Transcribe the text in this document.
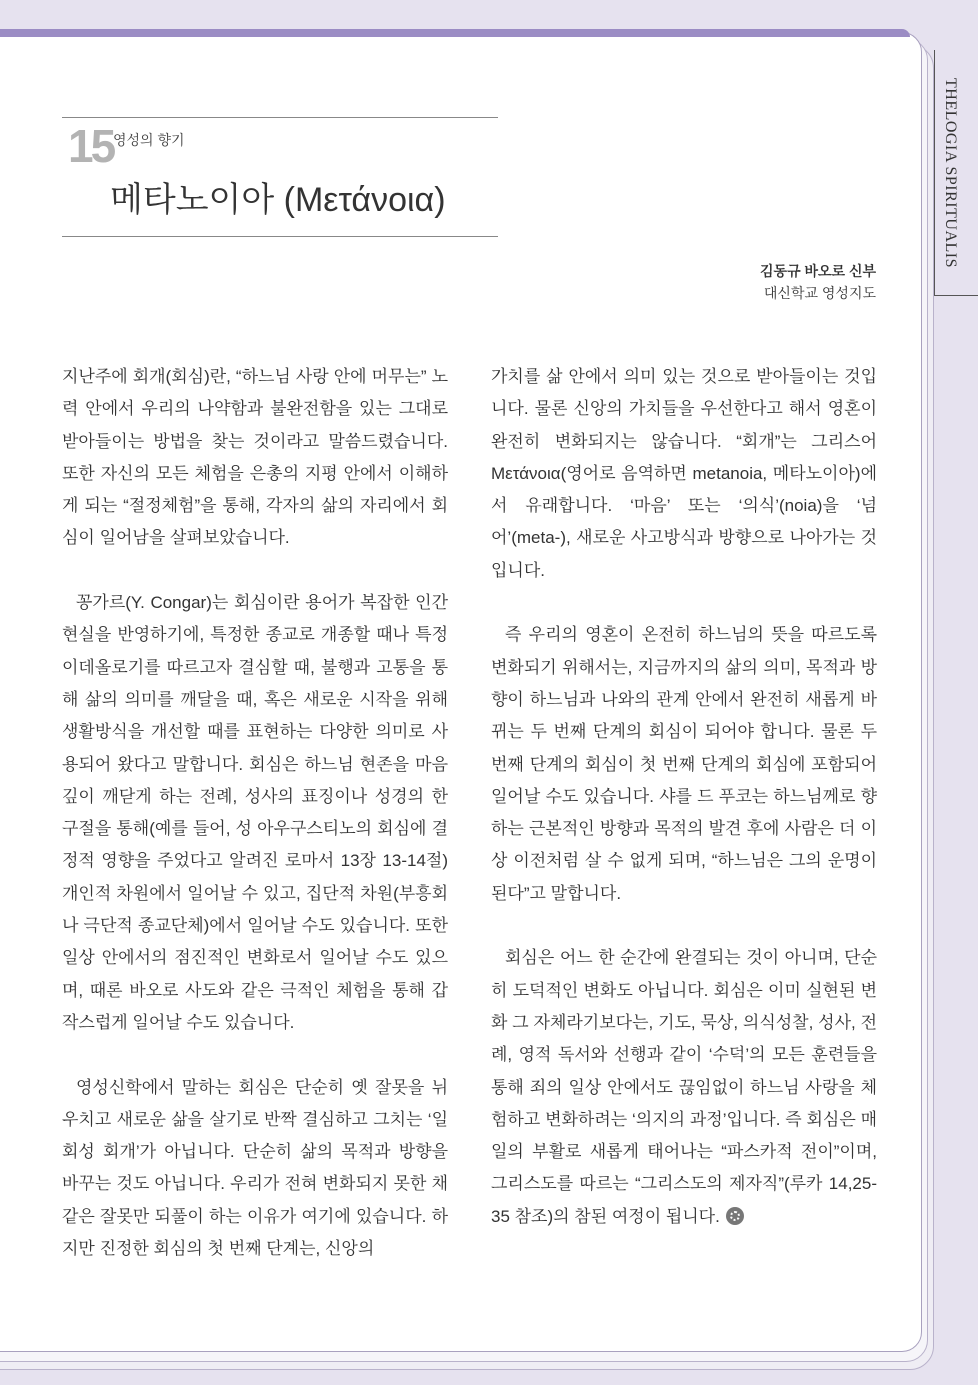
THELOGIA SPIRITUALIS
15 영성의 향기
메타노이아 (Μετάνοια)
김동규 바오로 신부
대신학교 영성지도

지난주에 회개(회심)란, “하느님 사랑 안에 머무는” 노력 안에서 우리의 나약함과 불완전함을 있는 그대로 받아들이는 방법을 찾는 것이라고 말씀드렸습니다. 또한 자신의 모든 체험을 은총의 지평 안에서 이해하게 되는 “절정체험”을 통해, 각자의 삶의 자리에서 회심이 일어남을 살펴보았습니다.

꽁가르(Y. Congar)는 회심이란 용어가 복잡한 인간 현실을 반영하기에, 특정한 종교로 개종할 때나 특정 이데올로기를 따르고자 결심할 때, 불행과 고통을 통해 삶의 의미를 깨달을 때, 혹은 새로운 시작을 위해 생활방식을 개선할 때를 표현하는 다양한 의미로 사용되어 왔다고 말합니다. 회심은 하느님 현존을 마음 깊이 깨닫게 하는 전례, 성사의 표징이나 성경의 한 구절을 통해(예를 들어, 성 아우구스티노의 회심에 결정적 영향을 주었다고 알려진 로마서 13장 13-14절) 개인적 차원에서 일어날 수 있고, 집단적 차원(부흥회나 극단적 종교단체)에서 일어날 수도 있습니다. 또한 일상 안에서의 점진적인 변화로서 일어날 수도 있으며, 때론 바오로 사도와 같은 극적인 체험을 통해 갑작스럽게 일어날 수도 있습니다.

영성신학에서 말하는 회심은 단순히 옛 잘못을 뉘우치고 새로운 삶을 살기로 반짝 결심하고 그치는 ‘일회성 회개’가 아닙니다. 단순히 삶의 목적과 방향을 바꾸는 것도 아닙니다. 우리가 전혀 변화되지 못한 채 같은 잘못만 되풀이 하는 이유가 여기에 있습니다. 하지만 진정한 회심의 첫 번째 단계는, 신앙의

가치를 삶 안에서 의미 있는 것으로 받아들이는 것입니다. 물론 신앙의 가치들을 우선한다고 해서 영혼이 완전히 변화되지는 않습니다. “회개”는 그리스어 Μετάνοια(영어로 음역하면 metanoia, 메타노이아)에서 유래합니다. ‘마음’ 또는 ‘의식’(noia)을 ‘넘어’(meta-), 새로운 사고방식과 방향으로 나아가는 것입니다.

즉 우리의 영혼이 온전히 하느님의 뜻을 따르도록 변화되기 위해서는, 지금까지의 삶의 의미, 목적과 방향이 하느님과 나와의 관계 안에서 완전히 새롭게 바뀌는 두 번째 단계의 회심이 되어야 합니다. 물론 두 번째 단계의 회심이 첫 번째 단계의 회심에 포함되어 일어날 수도 있습니다. 샤를 드 푸코는 하느님께로 향하는 근본적인 방향과 목적의 발견 후에 사람은 더 이상 이전처럼 살 수 없게 되며, “하느님은 그의 운명이 된다”고 말합니다.

회심은 어느 한 순간에 완결되는 것이 아니며, 단순히 도덕적인 변화도 아닙니다. 회심은 이미 실현된 변화 그 자체라기보다는, 기도, 묵상, 의식성찰, 성사, 전례, 영적 독서와 선행과 같이 ‘수덕’의 모든 훈련들을 통해 죄의 일상 안에서도 끊임없이 하느님 사랑을 체험하고 변화하려는 ‘의지의 과정’입니다. 즉 회심은 매일의 부활로 새롭게 태어나는 “파스카적 전이”이며, 그리스도를 따르는 “그리스도의 제자직”(루카 14,25-35 참조)의 참된 여정이 됩니다.
